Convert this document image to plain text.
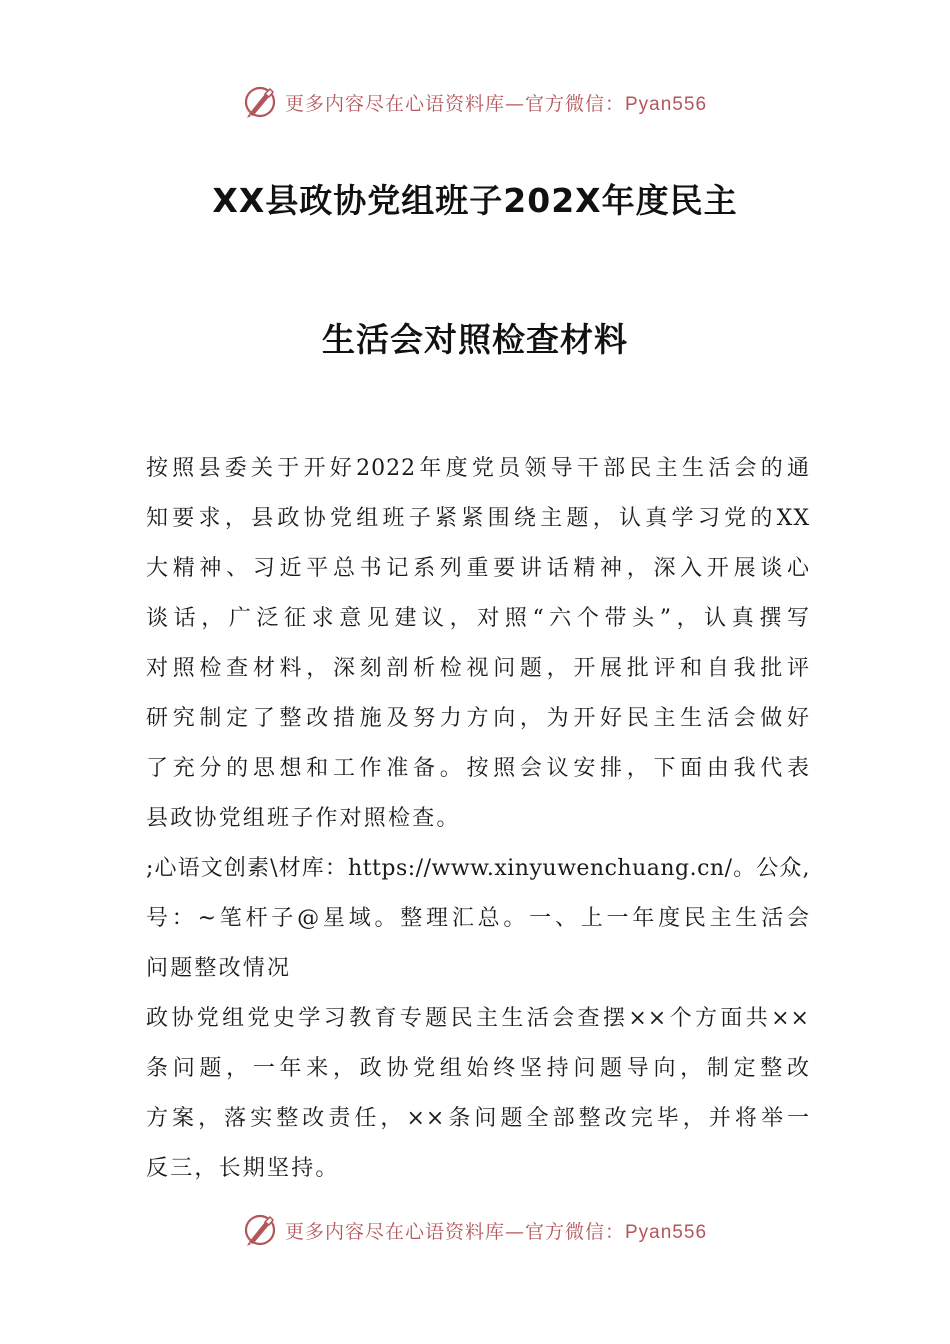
更多内容尽在心语资料库—官方微信：Pyan556
XX县政协党组班子202X年度民主
生活会对照检查材料
按照县委关于开好2022年度党员领导干部民主生活会的通
知要求，县政协党组班子紧紧围绕主题，认真学习党的XX
大精神、习近平总书记系列重要讲话精神，深入开展谈心
谈话，广泛征求意见建议，对照“六个带头”，认真撰写
对照检查材料，深刻剖析检视问题，开展批评和自我批评
研究制定了整改措施及努力方向，为开好民主生活会做好
了充分的思想和工作准备。按照会议安排，下面由我代表
县政协党组班子作对照检查。
;心语文创素\材库：https://www.xinyuwenchuang.cn/。公众,
号：~笔杆子@星域。整理汇总。一、上一年度民主生活会
问题整改情况
政协党组党史学习教育专题民主生活会查摆××个方面共××
条问题，一年来，政协党组始终坚持问题导向，制定整改
方案，落实整改责任，××条问题全部整改完毕，并将举一
反三，长期坚持。
更多内容尽在心语资料库—官方微信：Pyan556
